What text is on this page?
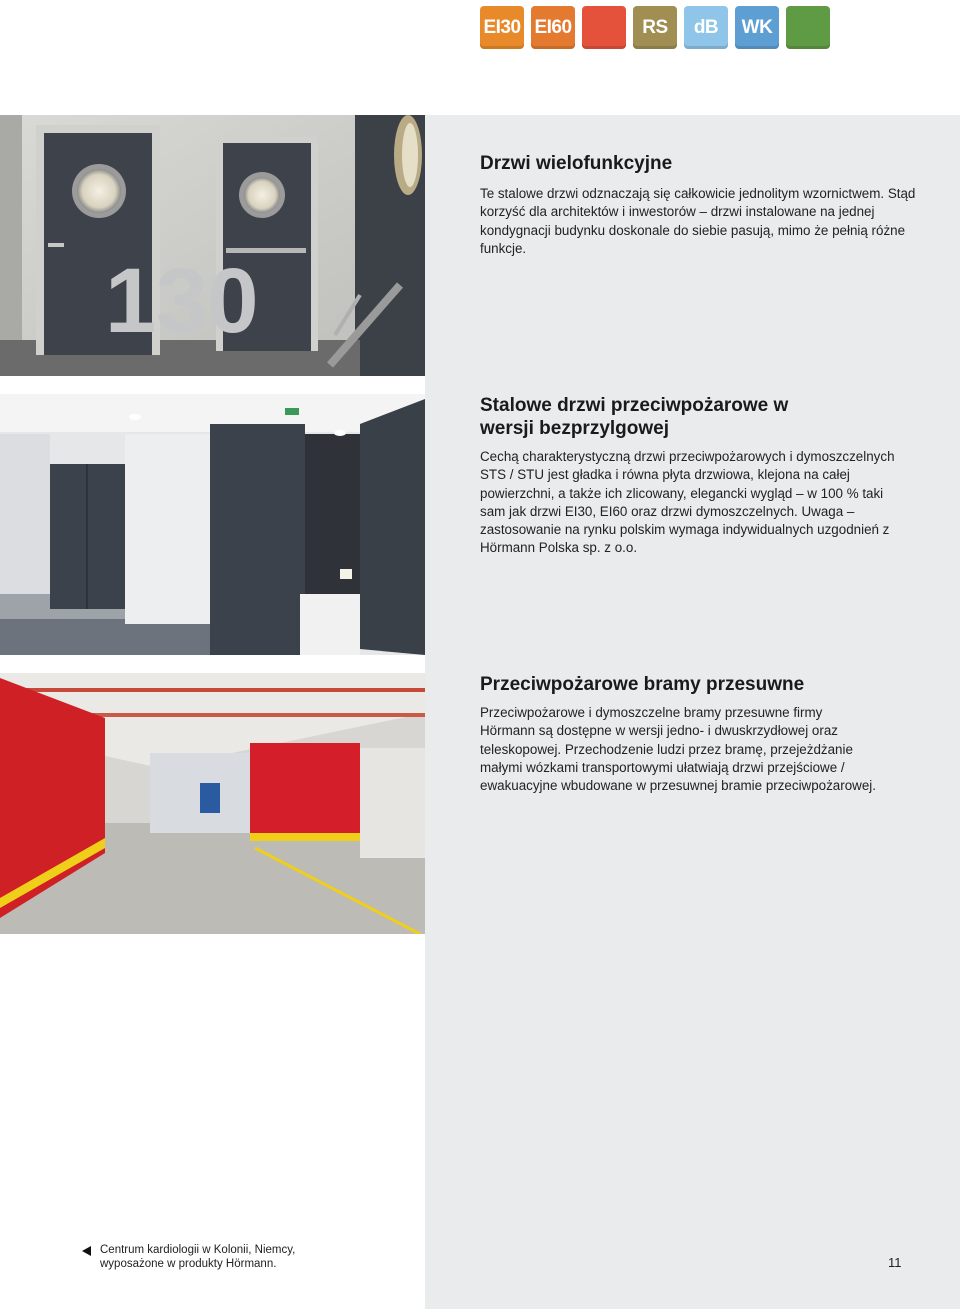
EI30 EI60	RS	dB	WK
130
Drzwi wielofunkcyjne

Te stalowe drzwi odznaczają się całkowicie jednolitym wzornictwem. Stąd korzyść dla architektów i inwestorów – drzwi instalowane na jednej kondygnacji budynku doskonale do siebie pasują, mimo że pełnią różne funkcje.

Stalowe drzwi przeciwpożarowe w wersji bezprzylgowej

Cechą charakterystyczną drzwi przeciwpożarowych i dymoszczelnych STS / STU jest gładka i równa płyta drzwiowa, klejona na całej powierzchni, a także ich zlicowany, elegancki wygląd – w 100 % taki sam jak drzwi EI30, EI60 oraz drzwi dymoszczelnych. Uwaga – zastosowanie na rynku polskim wymaga indywidualnych uzgodnień z Hörmann Polska sp. z o.o.

Przeciwpożarowe bramy przesuwne

Przeciwpożarowe i dymoszczelne bramy przesuwne firmy Hörmann są dostępne w wersji jedno- i dwuskrzydłowej oraz teleskopowej. Przechodzenie ludzi przez bramę, przejeżdżanie małymi wózkami transportowymi ułatwiają drzwi przejściowe / ewakuacyjne wbudowane w przesuwnej bramie przeciwpożarowej.

Centrum kardiologii w Kolonii, Niemcy, wyposażone w produkty Hörmann.	11
